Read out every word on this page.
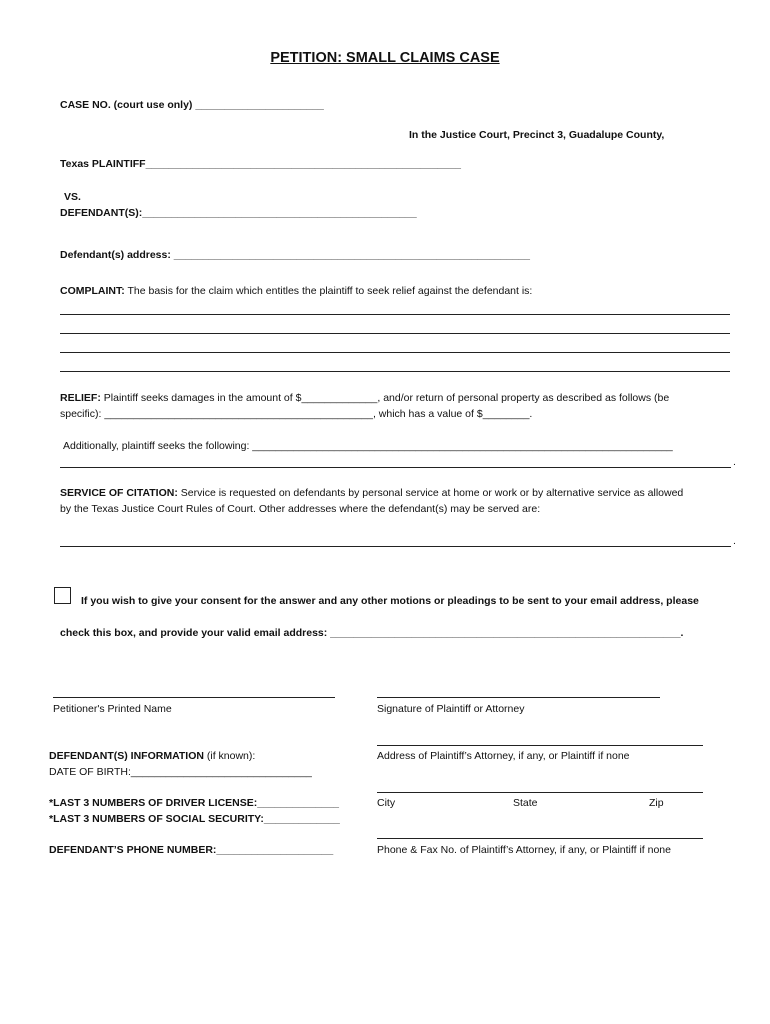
PETITION: SMALL CLAIMS CASE
CASE NO. (court use only) ______________________
In the Justice Court, Precinct 3, Guadalupe County,
Texas PLAINTIFF______________________________________________________
VS.
DEFENDANT(S):_______________________________________________
Defendant(s) address: _____________________________________________________________
COMPLAINT: The basis for the claim which entitles the plaintiff to seek relief against the defendant is:
RELIEF: Plaintiff seeks damages in the amount of $_____________, and/or return of personal property as described as follows (be
specific): ______________________________________________, which has a value of $________.
Additionally, plaintiff seeks the following: ________________________________________________________________________
.
SERVICE OF CITATION: Service is requested on defendants by personal service at home or work or by alternative service as allowed
by the Texas Justice Court Rules of Court. Other addresses where the defendant(s) may be served are:
.
If you wish to give your consent for the answer and any other motions or pleadings to be sent to your email address, please
check this box, and provide your valid email address: ____________________________________________________________.
Petitioner's Printed Name	Signature of Plaintiff or Attorney
Address of Plaintiff’s Attorney, if any, or Plaintiff if none
DEFENDANT(S) INFORMATION (if known):
DATE OF BIRTH:_______________________________
City	State	Zip
*LAST 3 NUMBERS OF DRIVER LICENSE:______________
*LAST 3 NUMBERS OF SOCIAL SECURITY:_____________
Phone & Fax No. of Plaintiff’s Attorney, if any, or Plaintiff if none
DEFENDANT’S PHONE NUMBER:____________________
